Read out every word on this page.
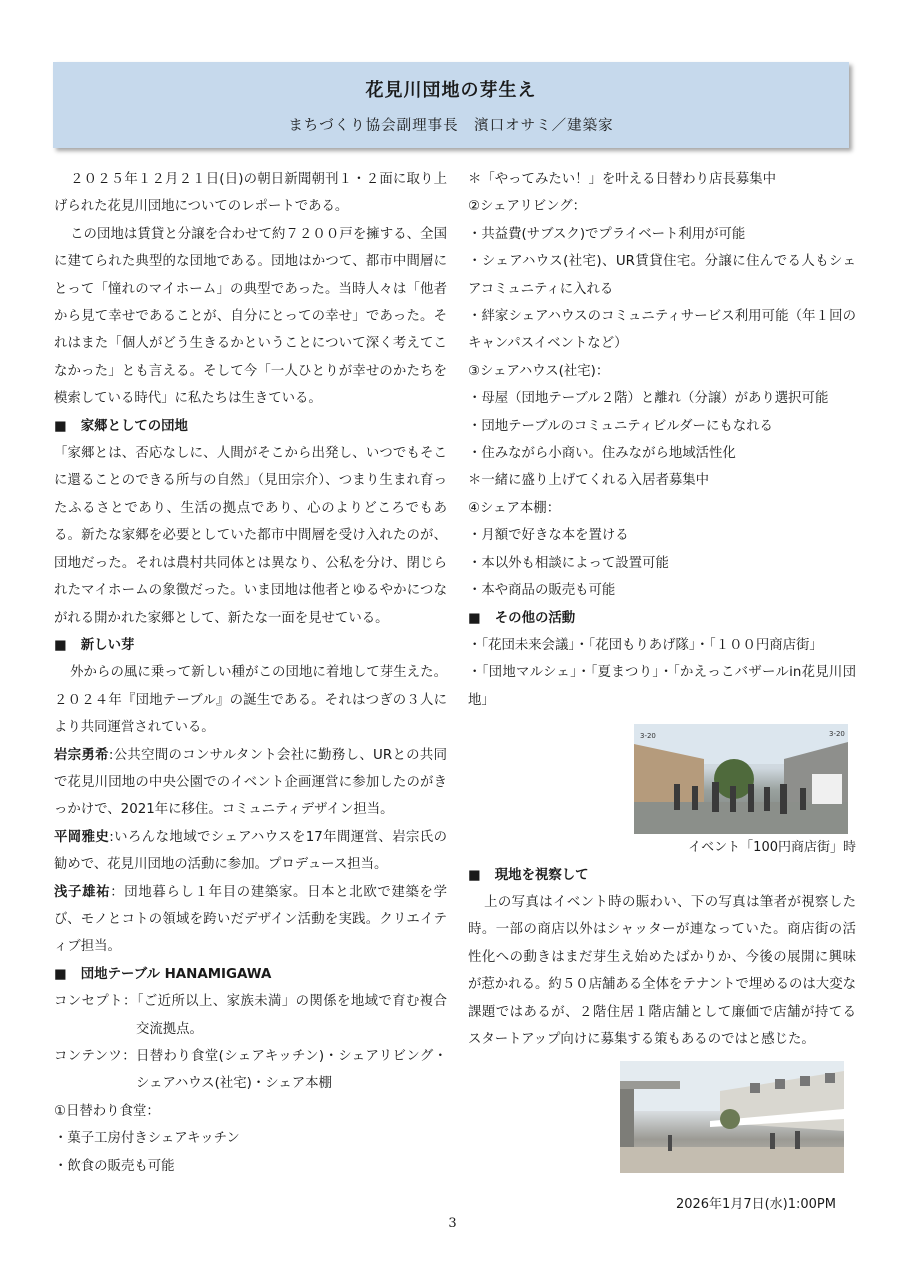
花見川団地の芽生え
まちづくり協会副理事長　濱口オサミ／建築家

２０２５年１２月２１日(日)の朝日新聞朝刊１・２面に取り上げられた花見川団地についてのレポートである。

この団地は賃貸と分譲を合わせて約７２００戸を擁する、全国に建てられた典型的な団地である。団地はかつて、都市中間層にとって「憧れのマイホーム」の典型であった。当時人々は「他者から見て幸せであることが、自分にとっての幸せ」であった。それはまた「個人がどう生きるかということについて深く考えてこなかった」とも言える。そして今「一人ひとりが幸せのかたちを模索している時代」に私たちは生きている。

■ 家郷としての団地

「家郷とは、否応なしに、人間がそこから出発し、いつでもそこに還ることのできる所与の自然」（見田宗介）、つまり生まれ育ったふるさとであり、生活の拠点であり、心のよりどころでもある。新たな家郷を必要としていた都市中間層を受け入れたのが、団地だった。それは農村共同体とは異なり、公私を分け、閉じられたマイホームの象徴だった。いま団地は他者とゆるやかにつながれる開かれた家郷として、新たな一面を見せている。

■ 新しい芽

外からの風に乗って新しい種がこの団地に着地して芽生えた。２０２４年『団地テーブル』の誕生である。それはつぎの３人により共同運営されている。

岩宗勇希:公共空間のコンサルタント会社に勤務し、URとの共同で花見川団地の中央公園でのイベント企画運営に参加したのがきっかけで、2021年に移住。コミュニティデザイン担当。

平岡雅史:いろんな地域でシェアハウスを17年間運営、岩宗氏の勧めで、花見川団地の活動に参加。プロデュース担当。

浅子雄祐：団地暮らし１年目の建築家。日本と北欧で建築を学び、モノとコトの領域を跨いだデザイン活動を実践。クリエイティブ担当。

■ 団地テーブル HANAMIGAWA

コンセプト：「ご近所以上、家族未満」の関係を地域で育む複合交流拠点。

コンテンツ：日替わり食堂(シェアキッチン)・シェアリビング・シェアハウス(社宅)・シェア本棚

①日替わり食堂：

・菓子工房付きシェアキッチン

・飲食の販売も可能

＊「やってみたい！」を叶える日替わり店長募集中

②シェアリビング：

・共益費(サブスク)でプライベート利用が可能

・シェアハウス(社宅)、UR賃貸住宅。分譲に住んでる人もシェアコミュニティに入れる

・絆家シェアハウスのコミュニティサービス利用可能（年１回のキャンパスイベントなど）

③シェアハウス(社宅)：

・母屋（団地テーブル２階）と離れ（分譲）があり選択可能

・団地テーブルのコミュニティビルダーにもなれる

・住みながら小商い。住みながら地域活性化

＊一緒に盛り上げてくれる入居者募集中

④シェア本棚：

・月額で好きな本を置ける

・本以外も相談によって設置可能

・本や商品の販売も可能

■ その他の活動

・「花団未来会議」・「花団もりあげ隊」・「１００円商店街」

・「団地マルシェ」・「夏まつり」・「かえっこバザールin花見川団地」

3-20	3-20

イベント「100円商店街」時

■ 現地を視察して

上の写真はイベント時の賑わい、下の写真は筆者が視察した時。一部の商店以外はシャッターが連なっていた。商店街の活性化への動きはまだ芽生え始めたばかりか、今後の展開に興味が惹かれる。約５０店舗ある全体をテナントで埋めるのは大変な課題ではあるが、２階住居１階店舗として廉価で店舗が持てるスタートアップ向けに募集する策もあるのではと感じた。

2026年1月7日(水)1:00PM

3
